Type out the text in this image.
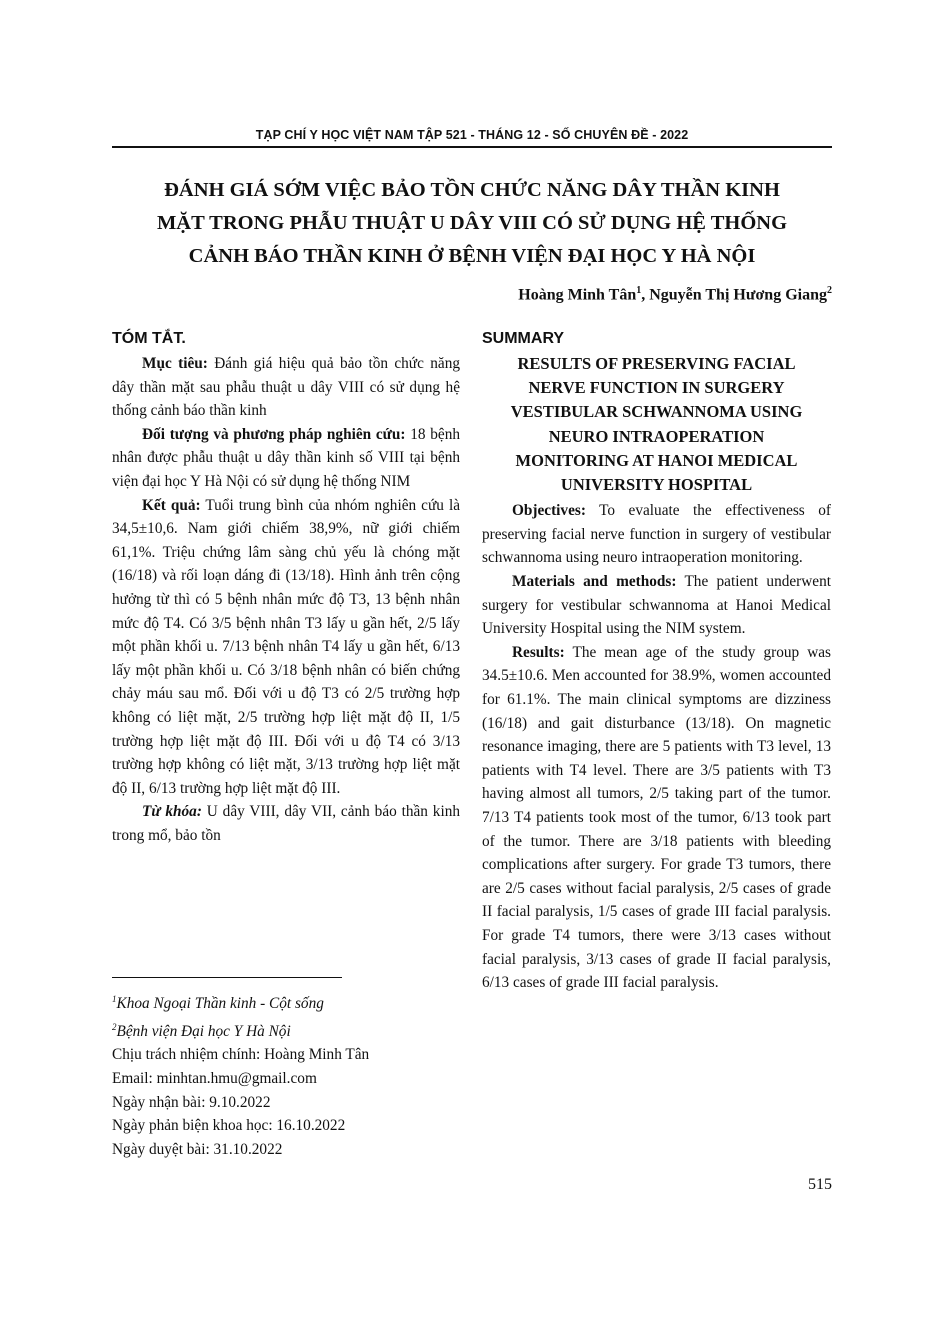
TẠP CHÍ Y HỌC VIỆT NAM TẬP 521 - THÁNG 12 - SỐ CHUYÊN ĐỀ - 2022
ĐÁNH GIÁ SỚM VIỆC BẢO TỒN CHỨC NĂNG DÂY THẦN KINH
MẶT TRONG PHẪU THUẬT U DÂY VIII CÓ SỬ DỤNG HỆ THỐNG
CẢNH BÁO THẦN KINH Ở BỆNH VIỆN ĐẠI HỌC Y HÀ NỘI
Hoàng Minh Tân$^1$, Nguyễn Thị Hương Giang$^2$
TÓM TẮT.

Mục tiêu: Đánh giá hiệu quả bảo tồn chức năng dây thần mặt sau phẫu thuật u dây VIII có sử dụng hệ thống cảnh báo thần kinh

Đối tượng và phương pháp nghiên cứu: 18 bệnh nhân được phẫu thuật u dây thần kinh số VIII tại bệnh viện đại học Y Hà Nội có sử dụng hệ thống NIM

Kết quả: Tuổi trung bình của nhóm nghiên cứu là 34,5±10,6. Nam giới chiếm 38,9%, nữ giới chiếm 61,1%. Triệu chứng lâm sàng chủ yếu là chóng mặt (16/18) và rối loạn dáng đi (13/18). Hình ảnh trên cộng hưởng từ thì có 5 bệnh nhân mức độ T3, 13 bệnh nhân mức độ T4. Có 3/5 bệnh nhân T3 lấy u gần hết, 2/5 lấy một phần khối u. 7/13 bệnh nhân T4 lấy u gần hết, 6/13 lấy một phần khối u. Có 3/18 bệnh nhân có biến chứng chảy máu sau mổ. Đối với u độ T3 có 2/5 trường hợp không có liệt mặt, 2/5 trường hợp liệt mặt độ II, 1/5 trường hợp liệt mặt độ III. Đối với u độ T4 có 3/13 trường hợp không có liệt mặt, 3/13 trường hợp liệt mặt độ II, 6/13 trường hợp liệt mặt độ III.

Từ khóa: U dây VIII, dây VII, cảnh báo thần kinh trong mổ, bảo tồn

$^1$Khoa Ngoại Thần kinh - Cột sống
$^2$Bệnh viện Đại học Y Hà Nội
Chịu trách nhiệm chính: Hoàng Minh Tân
Email: minhtan.hmu@gmail.com
Ngày nhận bài: 9.10.2022
Ngày phản biện khoa học: 16.10.2022
Ngày duyệt bài: 31.10.2022
SUMMARY
RESULTS OF PRESERVING FACIAL
NERVE FUNCTION IN SURGERY
VESTIBULAR SCHWANNOMA USING
NEURO INTRAOPERATION
MONITORING AT HANOI MEDICAL
UNIVERSITY HOSPITAL

Objectives: To evaluate the effectiveness of preserving facial nerve function in surgery of vestibular schwannoma using neuro intraoperation monitoring.

Materials and methods: The patient underwent surgery for vestibular schwannoma at Hanoi Medical University Hospital using the NIM system.

Results: The mean age of the study group was 34.5±10.6. Men accounted for 38.9%, women accounted for 61.1%. The main clinical symptoms are dizziness (16/18) and gait disturbance (13/18). On magnetic resonance imaging, there are 5 patients with T3 level, 13 patients with T4 level. There are 3/5 patients with T3 having almost all tumors, 2/5 taking part of the tumor. 7/13 T4 patients took most of the tumor, 6/13 took part of the tumor. There are 3/18 patients with bleeding complications after surgery. For grade T3 tumors, there are 2/5 cases without facial paralysis, 2/5 cases of grade II facial paralysis, 1/5 cases of grade III facial paralysis. For grade T4 tumors, there were 3/13 cases without facial paralysis, 3/13 cases of grade II facial paralysis, 6/13 cases of grade III facial paralysis.

515
